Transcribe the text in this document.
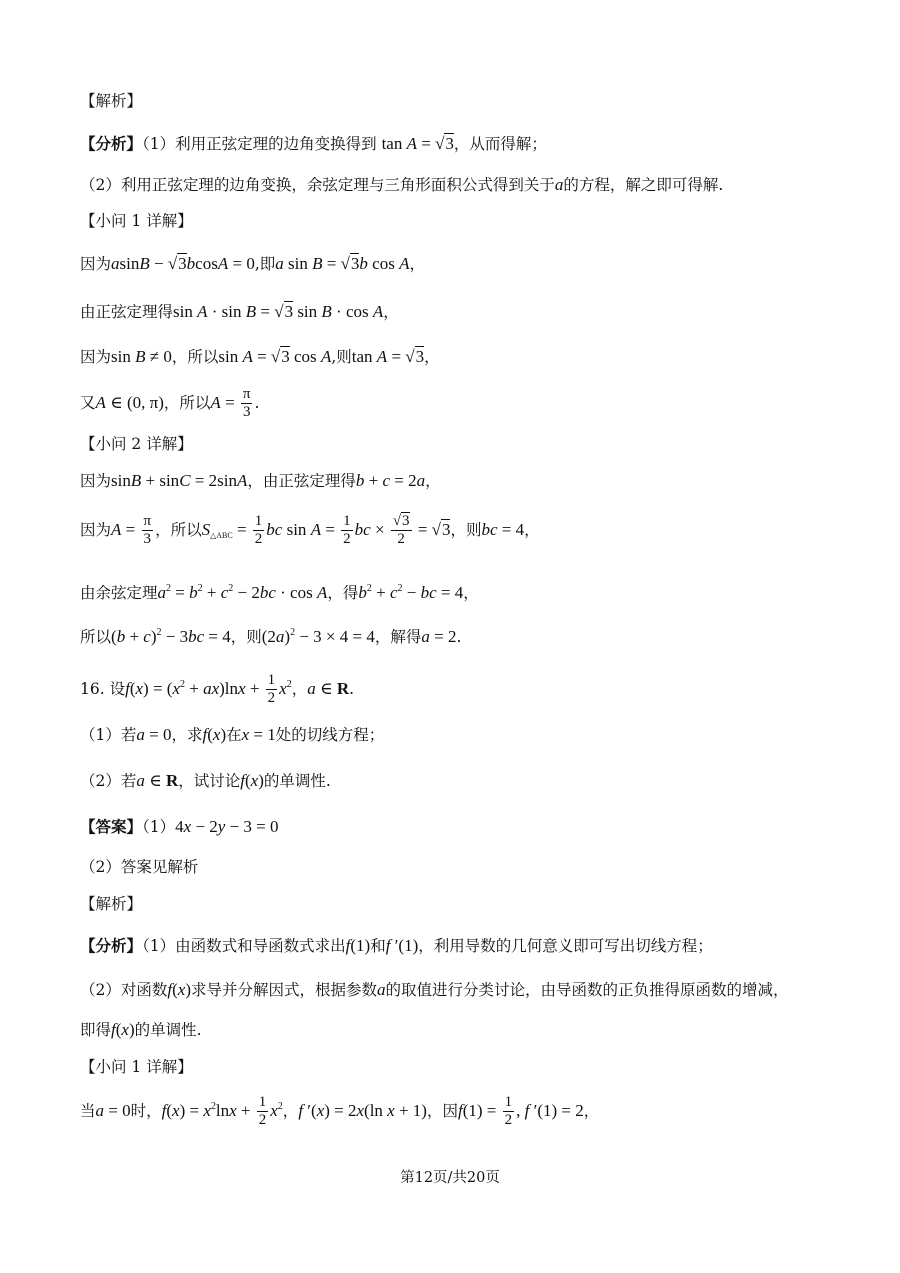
【解析】
【分析】（1）利用正弦定理的边角变换得到 tan A = √3，从而得解；
（2）利用正弦定理的边角变换，余弦定理与三角形面积公式得到关于a的方程，解之即可得解.
【小问 1 详解】
因为asinB − √3bcosA = 0,即a sin B = √3b cos A，
由正弦定理得sin A · sin B = √3 sin B · cos A，
因为sin B ≠ 0，所以sin A = √3 cos A,则tan A = √3，
又A ∈ (0, π)，所以$A = \frac{\pi}{3}$ .
【小问 2 详解】
因为sinB + sinC = 2sinA，由正弦定理得b + c = 2a，
因为$A = \frac{\pi}{3}$ ，所以$S_{\triangle ABC} = \frac{1}{2}$ bc $\sin A = \frac{1}{2}$ bc × $\frac{√3}{2} = √3$，则bc = 4，
由余弦定理$a^2 = b^2 + c^2 - 2bc \cdot \cos A$，得$b^2 + c^2$ − bc = 4，
所以$(b + c)^2 - 3bc = 4$，则$(2a)^2 - 3 \times 4 = 4$，解得a = 2.
16. 设$f(x) = (x^2 + ax)\ln x + \frac{1}{2} x^2$，a ∈ R.
（1）若a = 0，求f(x)在x = 1处的切线方程；
（2）若a ∈ R，试讨论f(x)的单调性.
【答案】（1）4x − 2y − 3 = 0
（2）答案见解析
【解析】
【分析】（1）由函数式和导函数式求出f(1)和f ′(1)，利用导数的几何意义即可写出切线方程；
（2）对函数f(x)求导并分解因式，根据参数a的取值进行分类讨论，由导函数的正负推得原函数的增减，
即得f(x)的单调性.
【小问 1 详解】
当a = 0时，$f(x) = x^2\ln x + \frac{1}{2} x^2$，f ′(x) = 2x(ln x + 1)，因$f(1) = \frac{1}{2}$ , f ′(1) = 2，
第12页/共20页
